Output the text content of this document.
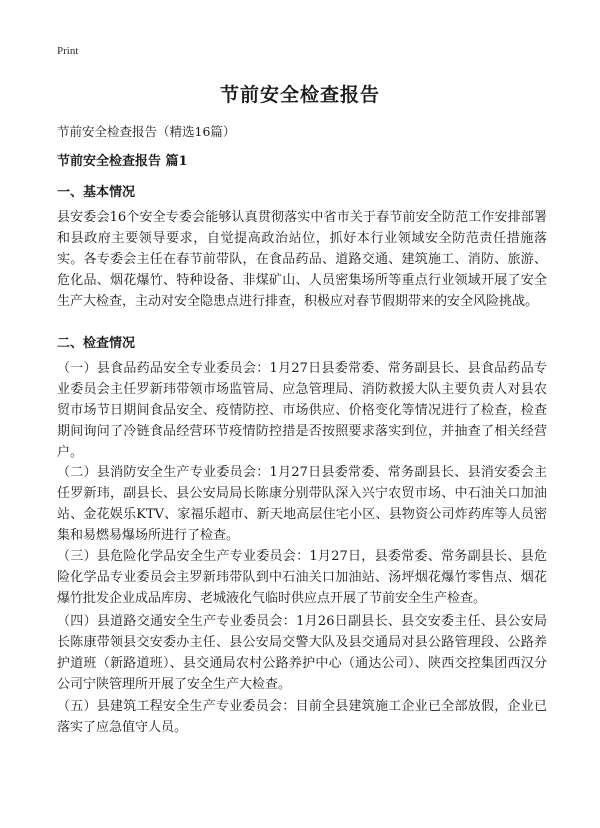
Print
节前安全检查报告
节前安全检查报告（精选16篇）
节前安全检查报告 篇1
一、基本情况
县安委会16个安全专委会能够认真贯彻落实中省市关于春节前安全防范工作安排部署和县政府主要领导要求，自觉提高政治站位，抓好本行业领域安全防范责任措施落实。各专委会主任在春节前带队，在食品药品、道路交通、建筑施工、消防、旅游、危化品、烟花爆竹、特种设备、非煤矿山、人员密集场所等重点行业领域开展了安全生产大检查，主动对安全隐患点进行排查，积极应对春节假期带来的安全风险挑战。
二、检查情况
（一）县食品药品安全专业委员会：1月27日县委常委、常务副县长、县食品药品专业委员会主任罗新玮带领市场监管局、应急管理局、消防救援大队主要负责人对县农贸市场节日期间食品安全、疫情防控、市场供应、价格变化等情况进行了检查，检查期间询问了冷链食品经营环节疫情防控措是否按照要求落实到位，并抽查了相关经营户。
（二）县消防安全生产专业委员会：1月27日县委常委、常务副县长、县消安委会主任罗新玮，副县长、县公安局局长陈康分别带队深入兴宁农贸市场、中石油关口加油站、金花娱乐KTV、家福乐超市、新天地高层住宅小区、县物资公司炸药库等人员密集和易燃易爆场所进行了检查。
（三）县危险化学品安全生产专业委员会：1月27日，县委常委、常务副县长、县危险化学品专业委员会主罗新玮带队到中石油关口加油站、汤坪烟花爆竹零售点、烟花爆竹批发企业成品库房、老城液化气临时供应点开展了节前安全生产检查。
（四）县道路交通安全生产专业委员会：1月26日副县长、县交安委主任、县公安局长陈康带领县交安委办主任、县公安局交警大队及县交通局对县公路管理段、公路养护道班（新路道班）、县交通局农村公路养护中心（通达公司）、陕西交控集团西汉分公司宁陕管理所开展了安全生产大检查。
（五）县建筑工程安全生产专业委员会：目前全县建筑施工企业已全部放假，企业已落实了应急值守人员。
